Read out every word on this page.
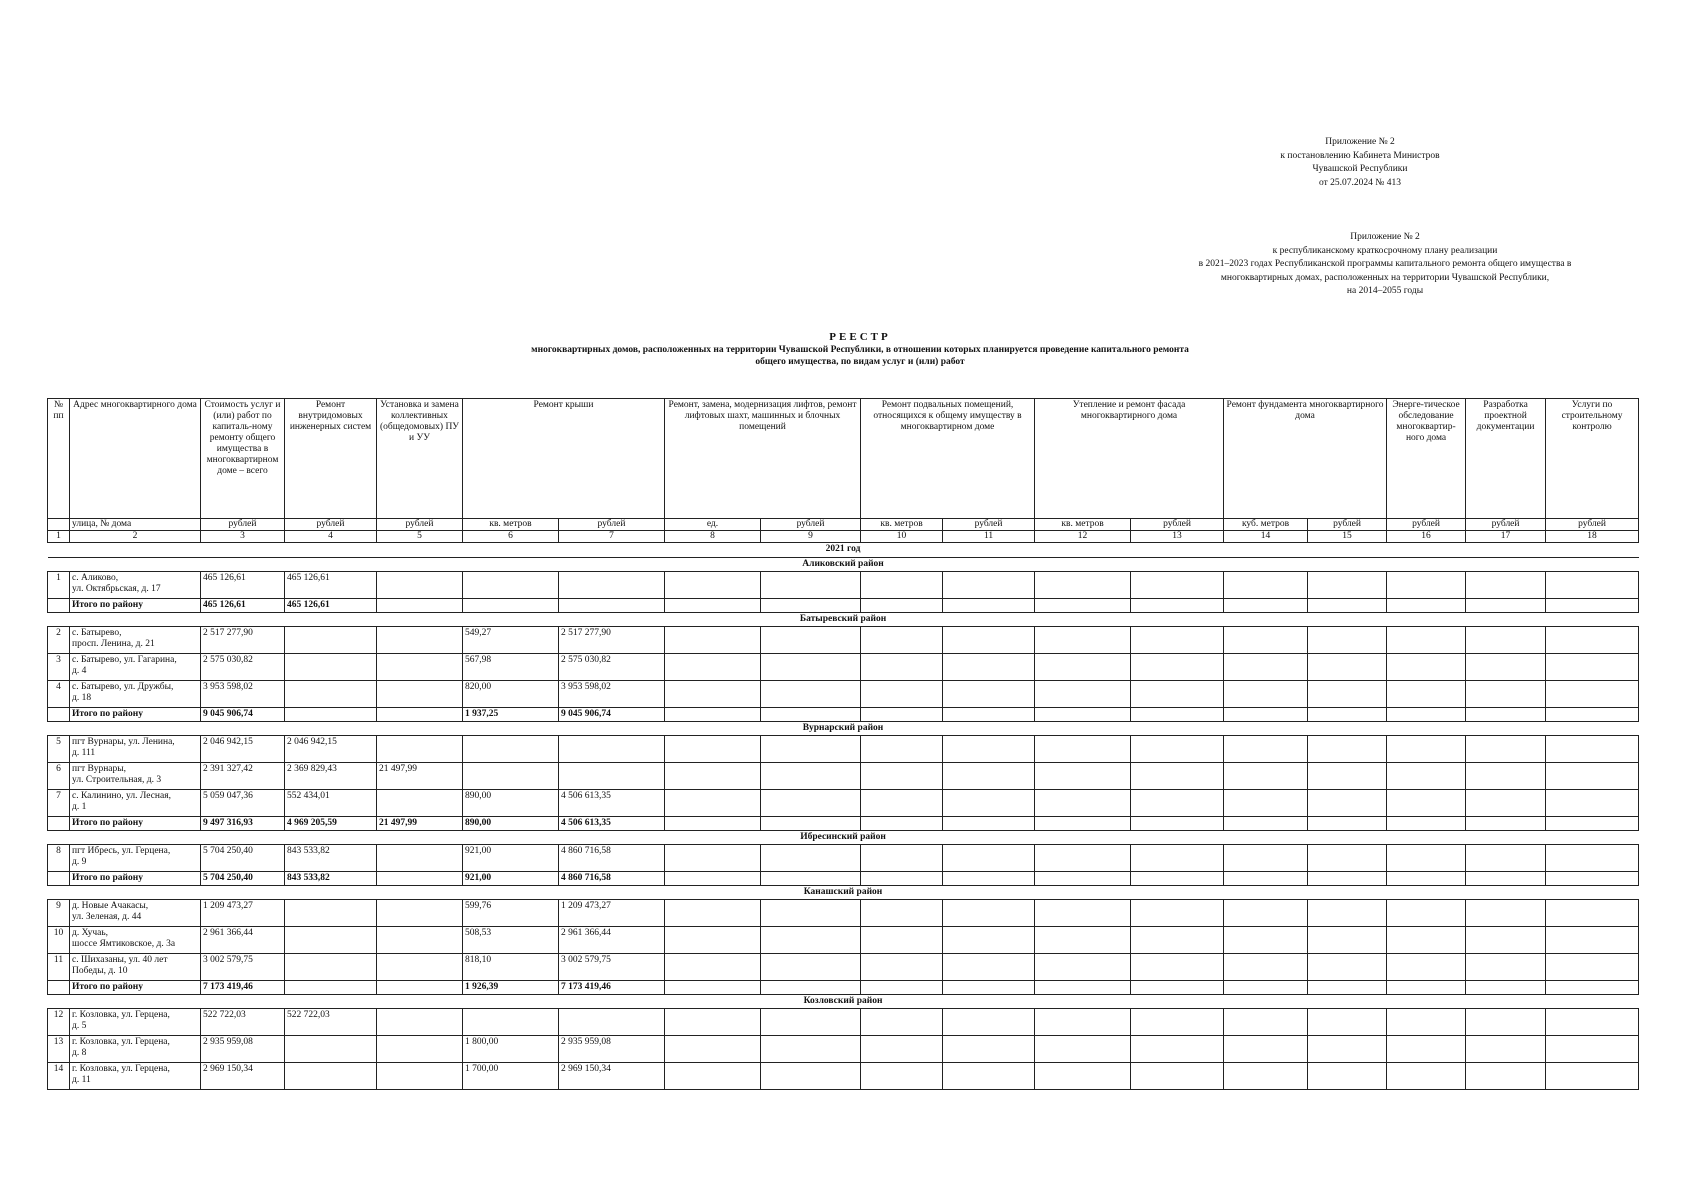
Приложение № 2
к постановлению Кабинета Министров
Чувашской Республики
от 25.07.2024 № 413
Приложение № 2
к республиканскому краткосрочному плану реализации
в 2021–2023 годах Республиканской программы капитального ремонта общего имущества в
многоквартирных домах, расположенных на территории Чувашской Республики,
на 2014–2055 годы
РЕЕСТР
многоквартирных домов, расположенных на территории Чувашской Республики, в отношении которых планируется проведение капитального ремонта
общего имущества, по видам услуг и (или) работ
№ пп	Адрес многоквартирного дома	Стоимость услуг и (или) работ по капиталь-ному ремонту общего имущества в многоквартирном доме – всего	Ремонт внутридомовых инженерных систем	Установка и замена коллективных (общедомовых) ПУ и УУ	Ремонт крыши		Ремонт, замена, модернизация лифтов, ремонт лифтовых шахт, машинных и блочных помещений		Ремонт подвальных помещений, относящихся к общему имуществу в многоквартирном доме		Утепление и ремонт фасада многоквартирного дома		Ремонт фундамента многоквартирного дома		Энерге-тическое обследование многоквартир-ного дома	Разработка проектной документации	Услуги по строительному контролю
	улица, № дома	рублей	рублей	рублей	кв. метров	рублей	ед.	рублей	кв. метров	рублей	кв. метров	рублей	куб. метров	рублей	рублей	рублей	рублей
1	2	3	4	5	6	7	8	9	10	11	12	13	14	15	16	17	18
2021 год																	
Аликовский район																	
1	с. Аликово,
ул. Октябрьская, д. 17	465 126,61	465 126,61														
	Итого по району	465 126,61	465 126,61														
Батыревский район																	
2	с. Батырево,
просп. Ленина, д. 21	2 517 277,90			549,27	2 517 277,90											
3	с. Батырево, ул. Гагарина,
д. 4	2 575 030,82			567,98	2 575 030,82											
4	с. Батырево, ул. Дружбы,
д. 18	3 953 598,02			820,00	3 953 598,02											
	Итого по району	9 045 906,74			1 937,25	9 045 906,74											
Вурнарский район																	
5	пгт Вурнары, ул. Ленина,
д. 111	2 046 942,15	2 046 942,15														
6	пгт Вурнары,
ул. Строительная, д. 3	2 391 327,42	2 369 829,43	21 497,99													
7	с. Калинино, ул. Лесная,
д. 1	5 059 047,36	552 434,01		890,00	4 506 613,35											
	Итого по району	9 497 316,93	4 969 205,59	21 497,99	890,00	4 506 613,35											
Ибресинский район																	
8	пгт Ибресь, ул. Герцена,
д. 9	5 704 250,40	843 533,82		921,00	4 860 716,58											
	Итого по району	5 704 250,40	843 533,82		921,00	4 860 716,58											
Канашский район																	
9	д. Новые Ачакасы,
ул. Зеленая, д. 44	1 209 473,27			599,76	1 209 473,27											
10	д. Хучаь,
шоссе Ямтиковское, д. 3а	2 961 366,44			508,53	2 961 366,44											
11	с. Шихазаны, ул. 40 лет
Победы, д. 10	3 002 579,75			818,10	3 002 579,75											
	Итого по району	7 173 419,46			1 926,39	7 173 419,46											
Козловский район																	
12	г. Козловка, ул. Герцена,
д. 5	522 722,03	522 722,03														
13	г. Козловка, ул. Герцена,
д. 8	2 935 959,08			1 800,00	2 935 959,08											
14	г. Козловка, ул. Герцена,
д. 11	2 969 150,34			1 700,00	2 969 150,34											
